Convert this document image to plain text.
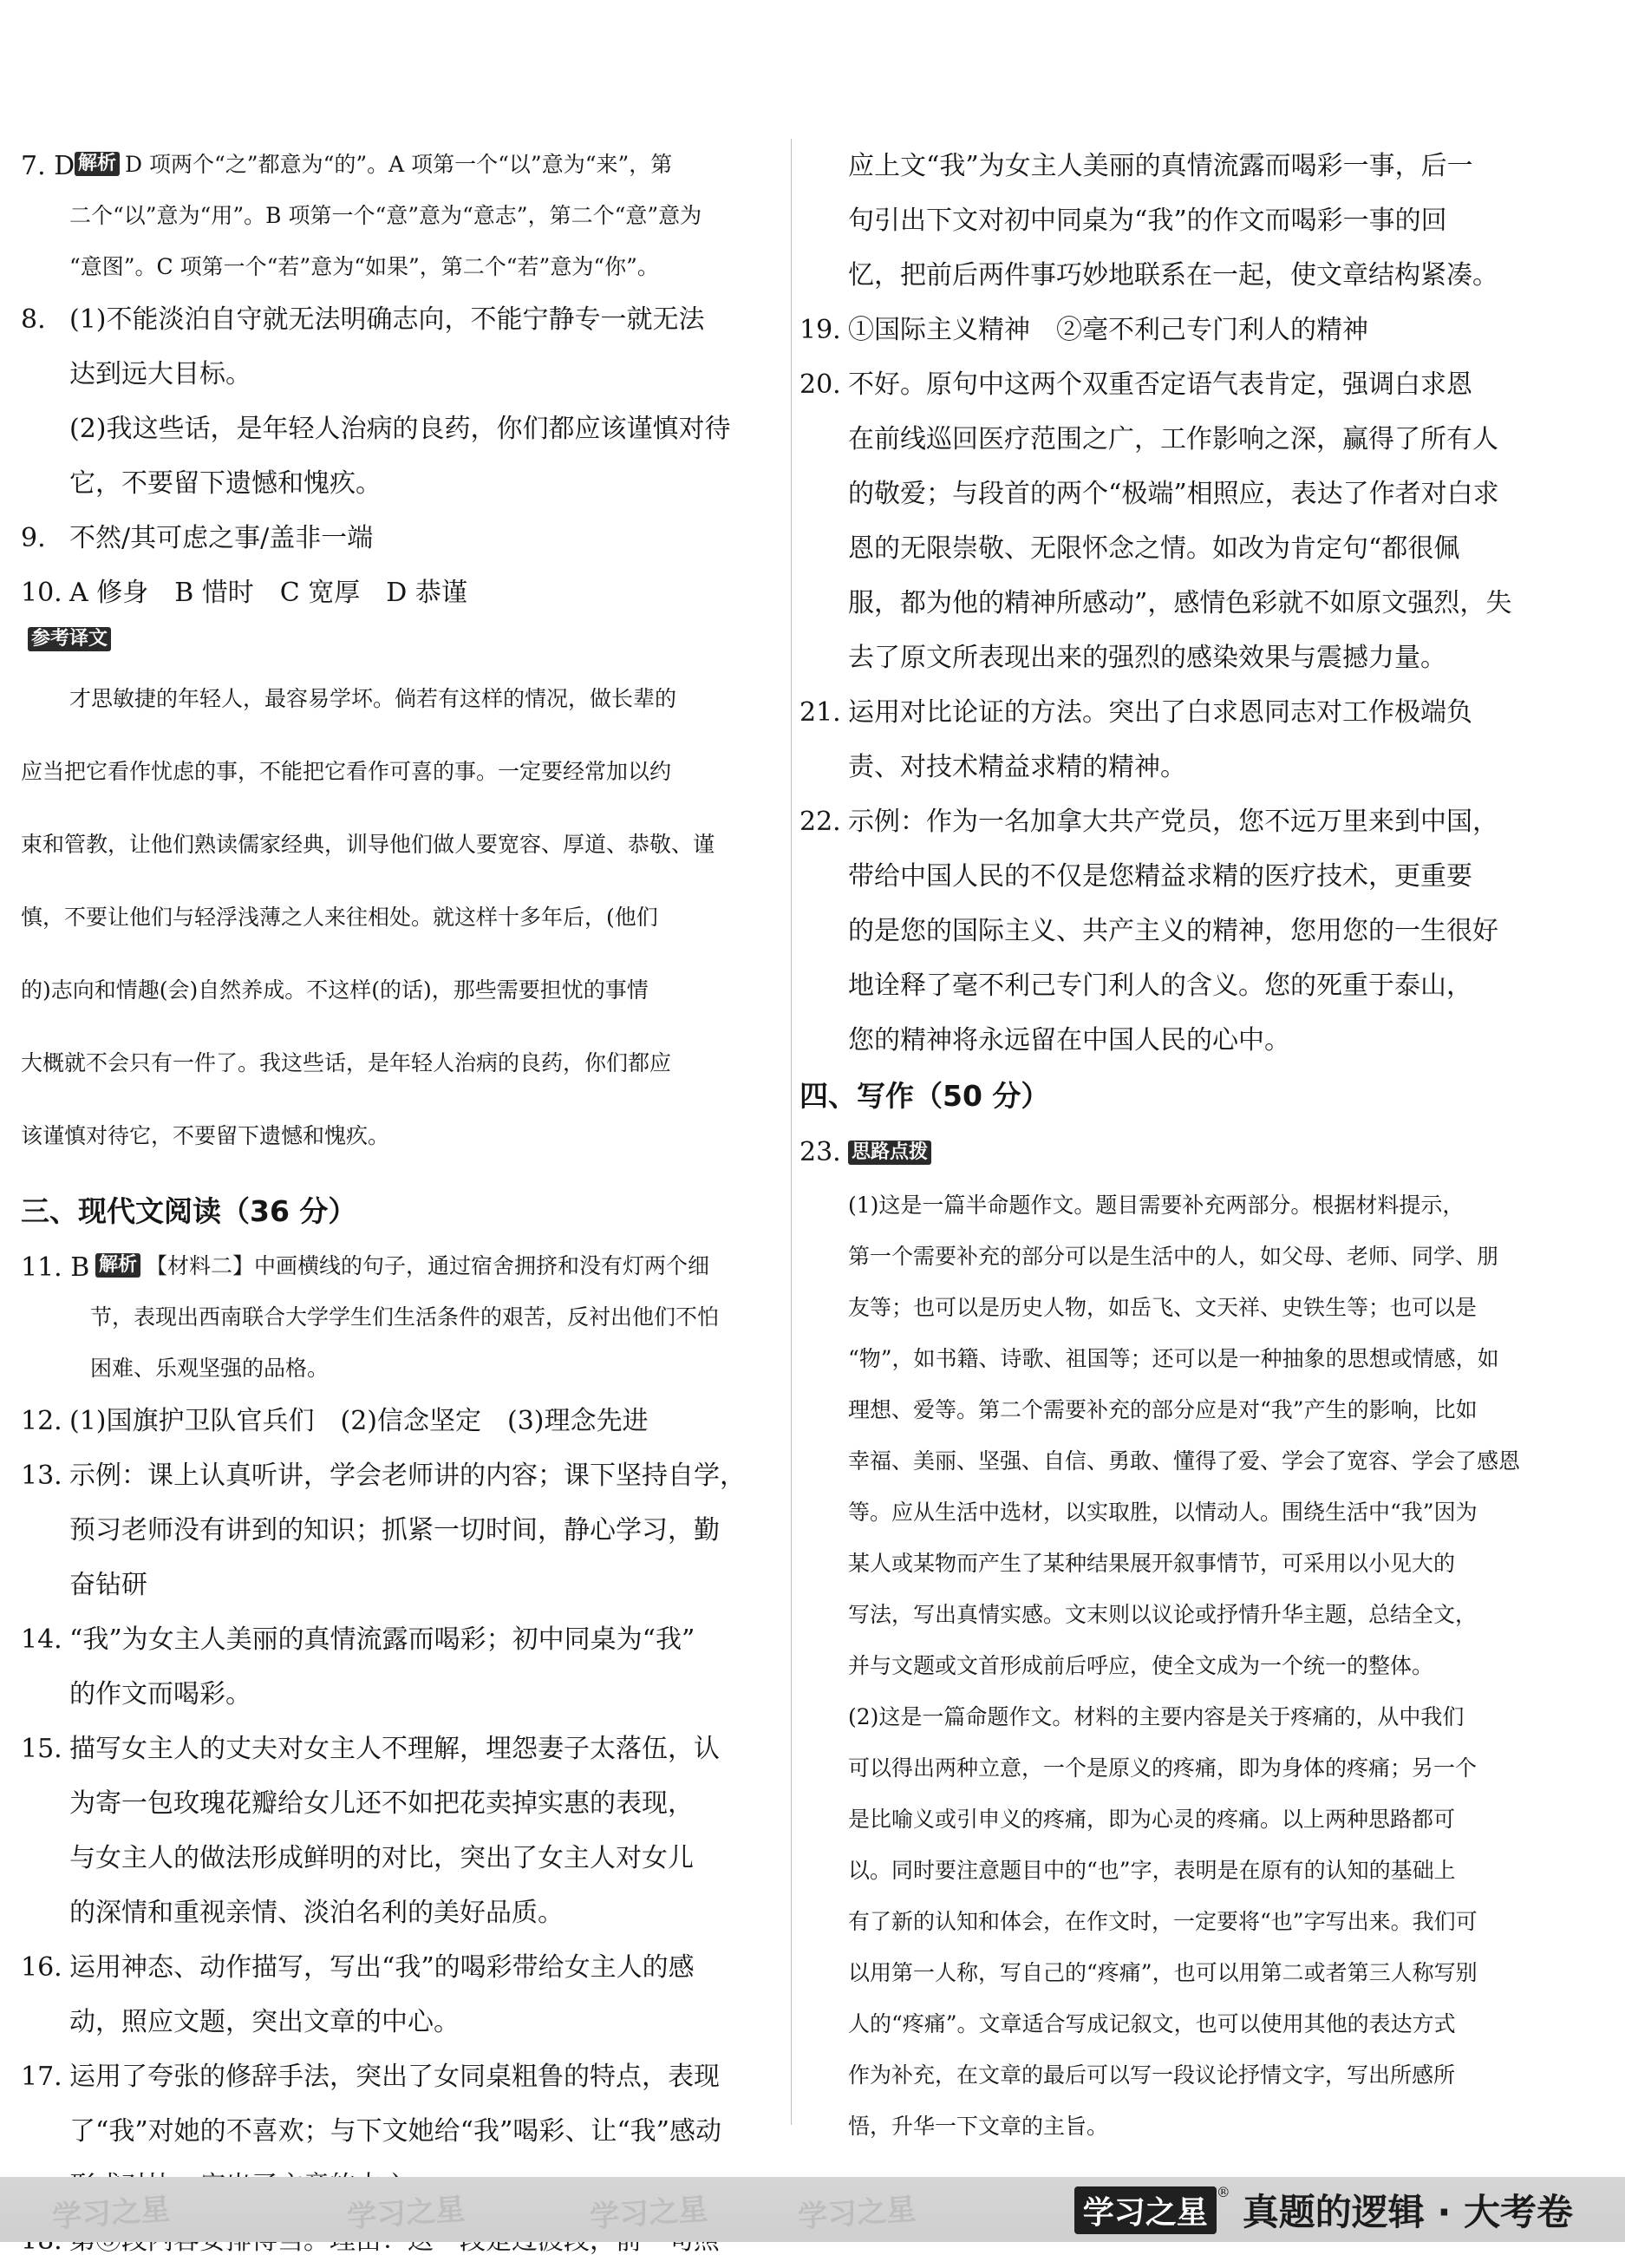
7. D 解析 D 项两个“之”都意为“的”。A 项第一个“以”意为“来”，第

二个“以”意为“用”。B 项第一个“意”意为“意志”，第二个“意”意为

“意图”。C 项第一个“若”意为“如果”，第二个“若”意为“你”。

8. (1)不能淡泊自守就无法明确志向，不能宁静专一就无法

达到远大目标。

(2)我这些话，是年轻人治病的良药，你们都应该谨慎对待

它，不要留下遗憾和愧疚。

9. 不然/其可虑之事/盖非一端

10. A 修身　B 惜时　C 宽厚　D 恭谨

参考译文

才思敏捷的年轻人，最容易学坏。倘若有这样的情况，做长辈的

应当把它看作忧虑的事，不能把它看作可喜的事。一定要经常加以约

束和管教，让他们熟读儒家经典，训导他们做人要宽容、厚道、恭敬、谨

慎，不要让他们与轻浮浅薄之人来往相处。就这样十多年后，(他们

的)志向和情趣(会)自然养成。不这样(的话)，那些需要担忧的事情

大概就不会只有一件了。我这些话，是年轻人治病的良药，你们都应

该谨慎对待它，不要留下遗憾和愧疚。

三、现代文阅读（36 分）
11. B 解析 【材料二】中画横线的句子，通过宿舍拥挤和没有灯两个细

节，表现出西南联合大学学生们生活条件的艰苦，反衬出他们不怕

困难、乐观坚强的品格。

12. (1)国旗护卫队官兵们　(2)信念坚定　(3)理念先进

13. 示例：课上认真听讲，学会老师讲的内容；课下坚持自学，

预习老师没有讲到的知识；抓紧一切时间，静心学习，勤

奋钻研

14. “我”为女主人美丽的真情流露而喝彩；初中同桌为“我”

的作文而喝彩。

15. 描写女主人的丈夫对女主人不理解，埋怨妻子太落伍，认

为寄一包玫瑰花瓣给女儿还不如把花卖掉实惠的表现，

与女主人的做法形成鲜明的对比，突出了女主人对女儿

的深情和重视亲情、淡泊名利的美好品质。

16. 运用神态、动作描写，写出“我”的喝彩带给女主人的感

动，照应文题，突出文章的中心。

17. 运用了夸张的修辞手法，突出了女同桌粗鲁的特点，表现

了“我”对她的不喜欢；与下文她给“我”喝彩、让“我”感动

应上文“我”为女主人美丽的真情流露而喝彩一事，后一

句引出下文对初中同桌为“我”的作文而喝彩一事的回

忆，把前后两件事巧妙地联系在一起，使文章结构紧凑。

19. ①国际主义精神　②毫不利己专门利人的精神

20. 不好。原句中这两个双重否定语气表肯定，强调白求恩

在前线巡回医疗范围之广，工作影响之深，赢得了所有人

的敬爱；与段首的两个“极端”相照应，表达了作者对白求

恩的无限崇敬、无限怀念之情。如改为肯定句“都很佩

服，都为他的精神所感动”，感情色彩就不如原文强烈，失

去了原文所表现出来的强烈的感染效果与震撼力量。

21. 运用对比论证的方法。突出了白求恩同志对工作极端负

责、对技术精益求精的精神。

22. 示例：作为一名加拿大共产党员，您不远万里来到中国，

带给中国人民的不仅是您精益求精的医疗技术，更重要

的是您的国际主义、共产主义的精神，您用您的一生很好

地诠释了毫不利己专门利人的含义。您的死重于泰山，

您的精神将永远留在中国人民的心中。

四、写作（50 分）
23. 思路点拨

(1)这是一篇半命题作文。题目需要补充两部分。根据材料提示，

第一个需要补充的部分可以是生活中的人，如父母、老师、同学、朋

友等；也可以是历史人物，如岳飞、文天祥、史铁生等；也可以是

“物”，如书籍、诗歌、祖国等；还可以是一种抽象的思想或情感，如

理想、爱等。第二个需要补充的部分应是对“我”产生的影响，比如

幸福、美丽、坚强、自信、勇敢、懂得了爱、学会了宽容、学会了感恩

等。应从生活中选材，以实取胜，以情动人。围绕生活中“我”因为

某人或某物而产生了某种结果展开叙事情节，可采用以小见大的

写法，写出真情实感。文末则以议论或抒情升华主题，总结全文，

并与文题或文首形成前后呼应，使全文成为一个统一的整体。

(2)这是一篇命题作文。材料的主要内容是关于疼痛的，从中我们

可以得出两种立意，一个是原义的疼痛，即为身体的疼痛；另一个

是比喻义或引申义的疼痛，即为心灵的疼痛。以上两种思路都可

以。同时要注意题目中的“也”字，表明是在原有的认知的基础上

有了新的认知和体会，在作文时，一定要将“也”字写出来。我们可

以用第一人称，写自己的“疼痛”，也可以用第二或者第三人称写别

人的“疼痛”。文章适合写成记叙文，也可以使用其他的表达方式

作为补充，在文章的最后可以写一段议论抒情文字，写出所感所

悟，升华一下文章的主旨。

学习之星	学习之星	学习之星	学习之星	学习之星
® 真题的逻辑 · 大考卷
